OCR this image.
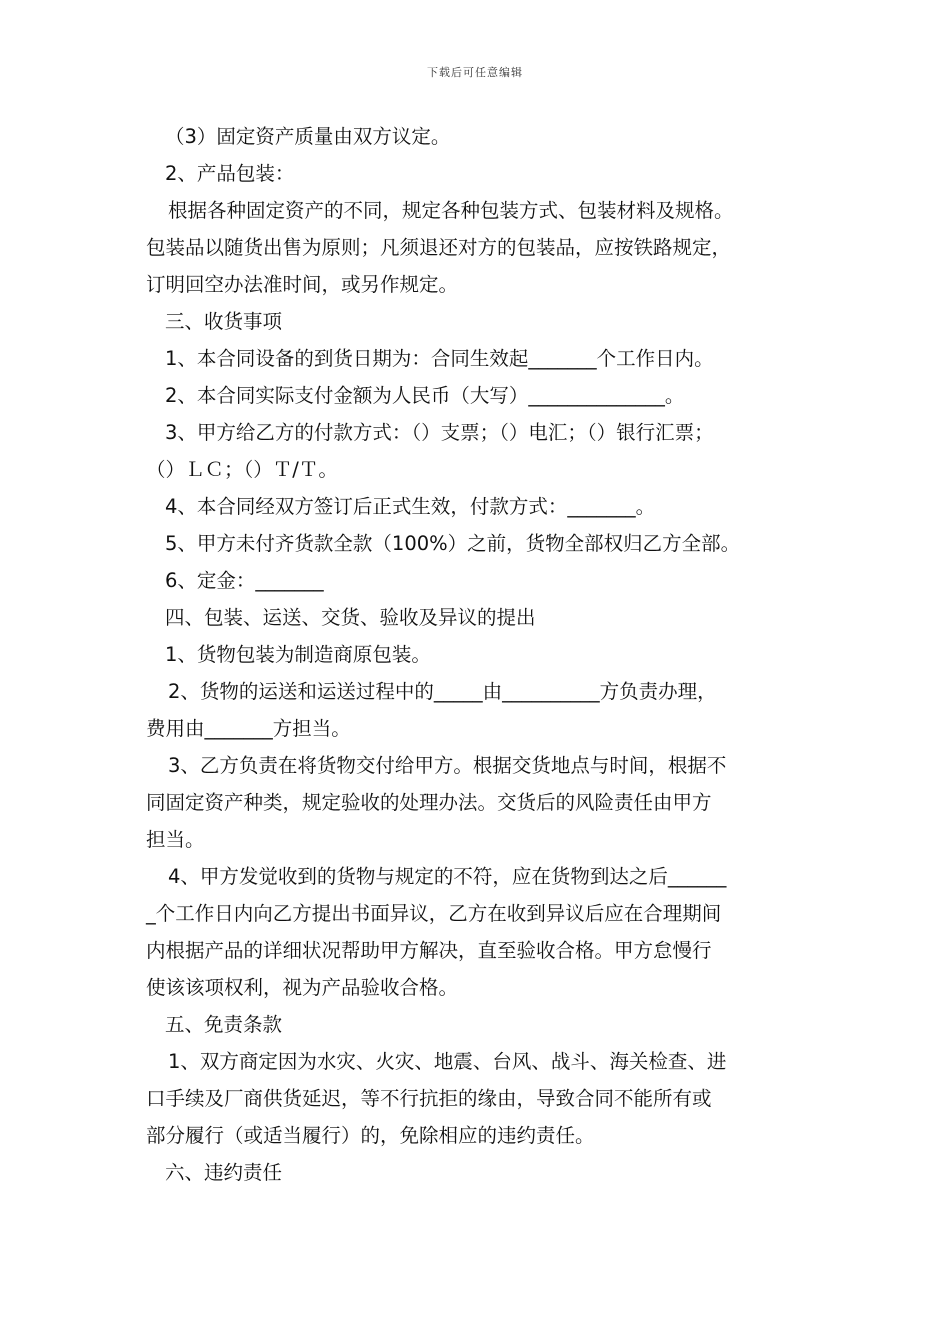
下载后可任意编辑
（3）固定资产质量由双方议定。
2、产品包装：
根据各种固定资产的不同，规定各种包装方式、包装材料及规格。
包装品以随货出售为原则；凡须退还对方的包装品，应按铁路规定，
订明回空办法准时间，或另作规定。
三、收货事项
1、本合同设备的到货日期为：合同生效起_______个工作日内。
2、本合同实际支付金额为人民币（大写）______________。
3、甲方给乙方的付款方式：（）支票；（）电汇；（）银行汇票；
（）ＬＣ；（）Ｔ/Ｔ。
4、本合同经双方签订后正式生效，付款方式：_______。
5、甲方未付齐货款全款（100%）之前，货物全部权归乙方全部。
6、定金：_______
四、包装、运送、交货、验收及异议的提出
1、货物包装为制造商原包装。
2、货物的运送和运送过程中的_____由__________方负责办理，
费用由_______方担当。
3、乙方负责在将货物交付给甲方。根据交货地点与时间，根据不
同固定资产种类，规定验收的处理办法。交货后的风险责任由甲方
担当。
4、甲方发觉收到的货物与规定的不符，应在货物到达之后______
_个工作日内向乙方提出书面异议，乙方在收到异议后应在合理期间
内根据产品的详细状况帮助甲方解决，直至验收合格。甲方怠慢行
使该该项权利，视为产品验收合格。
五、免责条款
1、双方商定因为水灾、火灾、地震、台风、战斗、海关检查、进
口手续及厂商供货延迟，等不行抗拒的缘由，导致合同不能所有或
部分履行（或适当履行）的，免除相应的违约责任。
六、违约责任
